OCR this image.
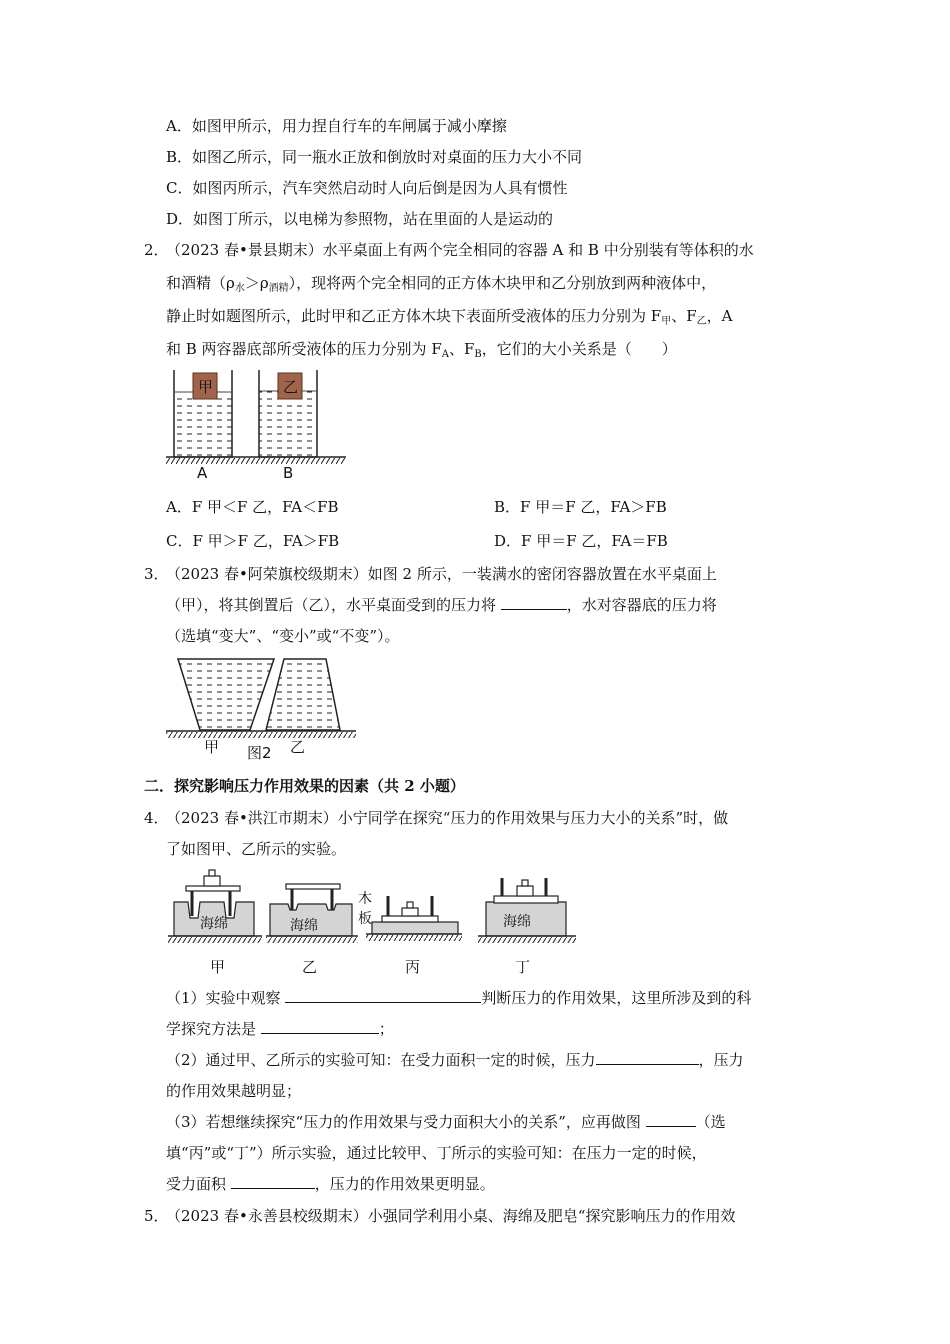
A．如图甲所示，用力捏自行车的车闸属于减小摩擦
B．如图乙所示，同一瓶水正放和倒放时对桌面的压力大小不同
C．如图丙所示，汽车突然启动时人向后倒是因为人具有惯性
D．如图丁所示，以电梯为参照物，站在里面的人是运动的
2．
（2023 春•景县期末）水平桌面上有两个完全相同的容器 A 和 B 中分别装有等体积的水
和酒精$(\rho_水>\rho_{酒精})$，现将两个完全相同的正方体木块甲和乙分别放到两种液体中，
静止时如题图所示，此时甲和乙正方体木块下表面所受液体的压力分别为 $F_甲$、$F_乙$，A
和 B 两容器底部所受液体的压力分别为 $F_A$、$F_B$，它们的大小关系是（　　）
甲	乙
A	B
A．F 甲＜F 乙，FA＜FB	B．F 甲＝F 乙，FA＞FB
C．F 甲＞F 乙，FA＞FB	D．F 甲＝F 乙，FA＝FB
3．
（2023 春•阿荣旗校级期末）如图 2 所示，一装满水的密闭容器放置在水平桌面上
（甲），将其倒置后（乙），水平桌面受到的压力将	，水对容器底的压力将
（选填“变大”、“变小”或“不变”）。
甲 图2 乙
二．探究影响压力作用效果的因素（共 2 小题）
4．
（2023 春•洪江市期末）小宁同学在探究“压力的作用效果与压力大小的关系”时，做
了如图甲、乙所示的实验。
海绵	海绵	海绵
木
板
甲	乙	丙	丁
（1）实验中观察	判断压力的作用效果，这里所涉及到的科
学探究方法是	；
（2）通过甲、乙所示的实验可知：在受力面积一定的时候，压力	，压力
的作用效果越明显；
（3）若想继续探究“压力的作用效果与受力面积大小的关系”，应再做图	（选
填“丙”或“丁”）所示实验，通过比较甲、丁所示的实验可知：在压力一定的时候，
受力面积	，压力的作用效果更明显。
5．
（2023 春•永善县校级期末）小强同学利用小桌、海绵及肥皂“探究影响压力的作用效
